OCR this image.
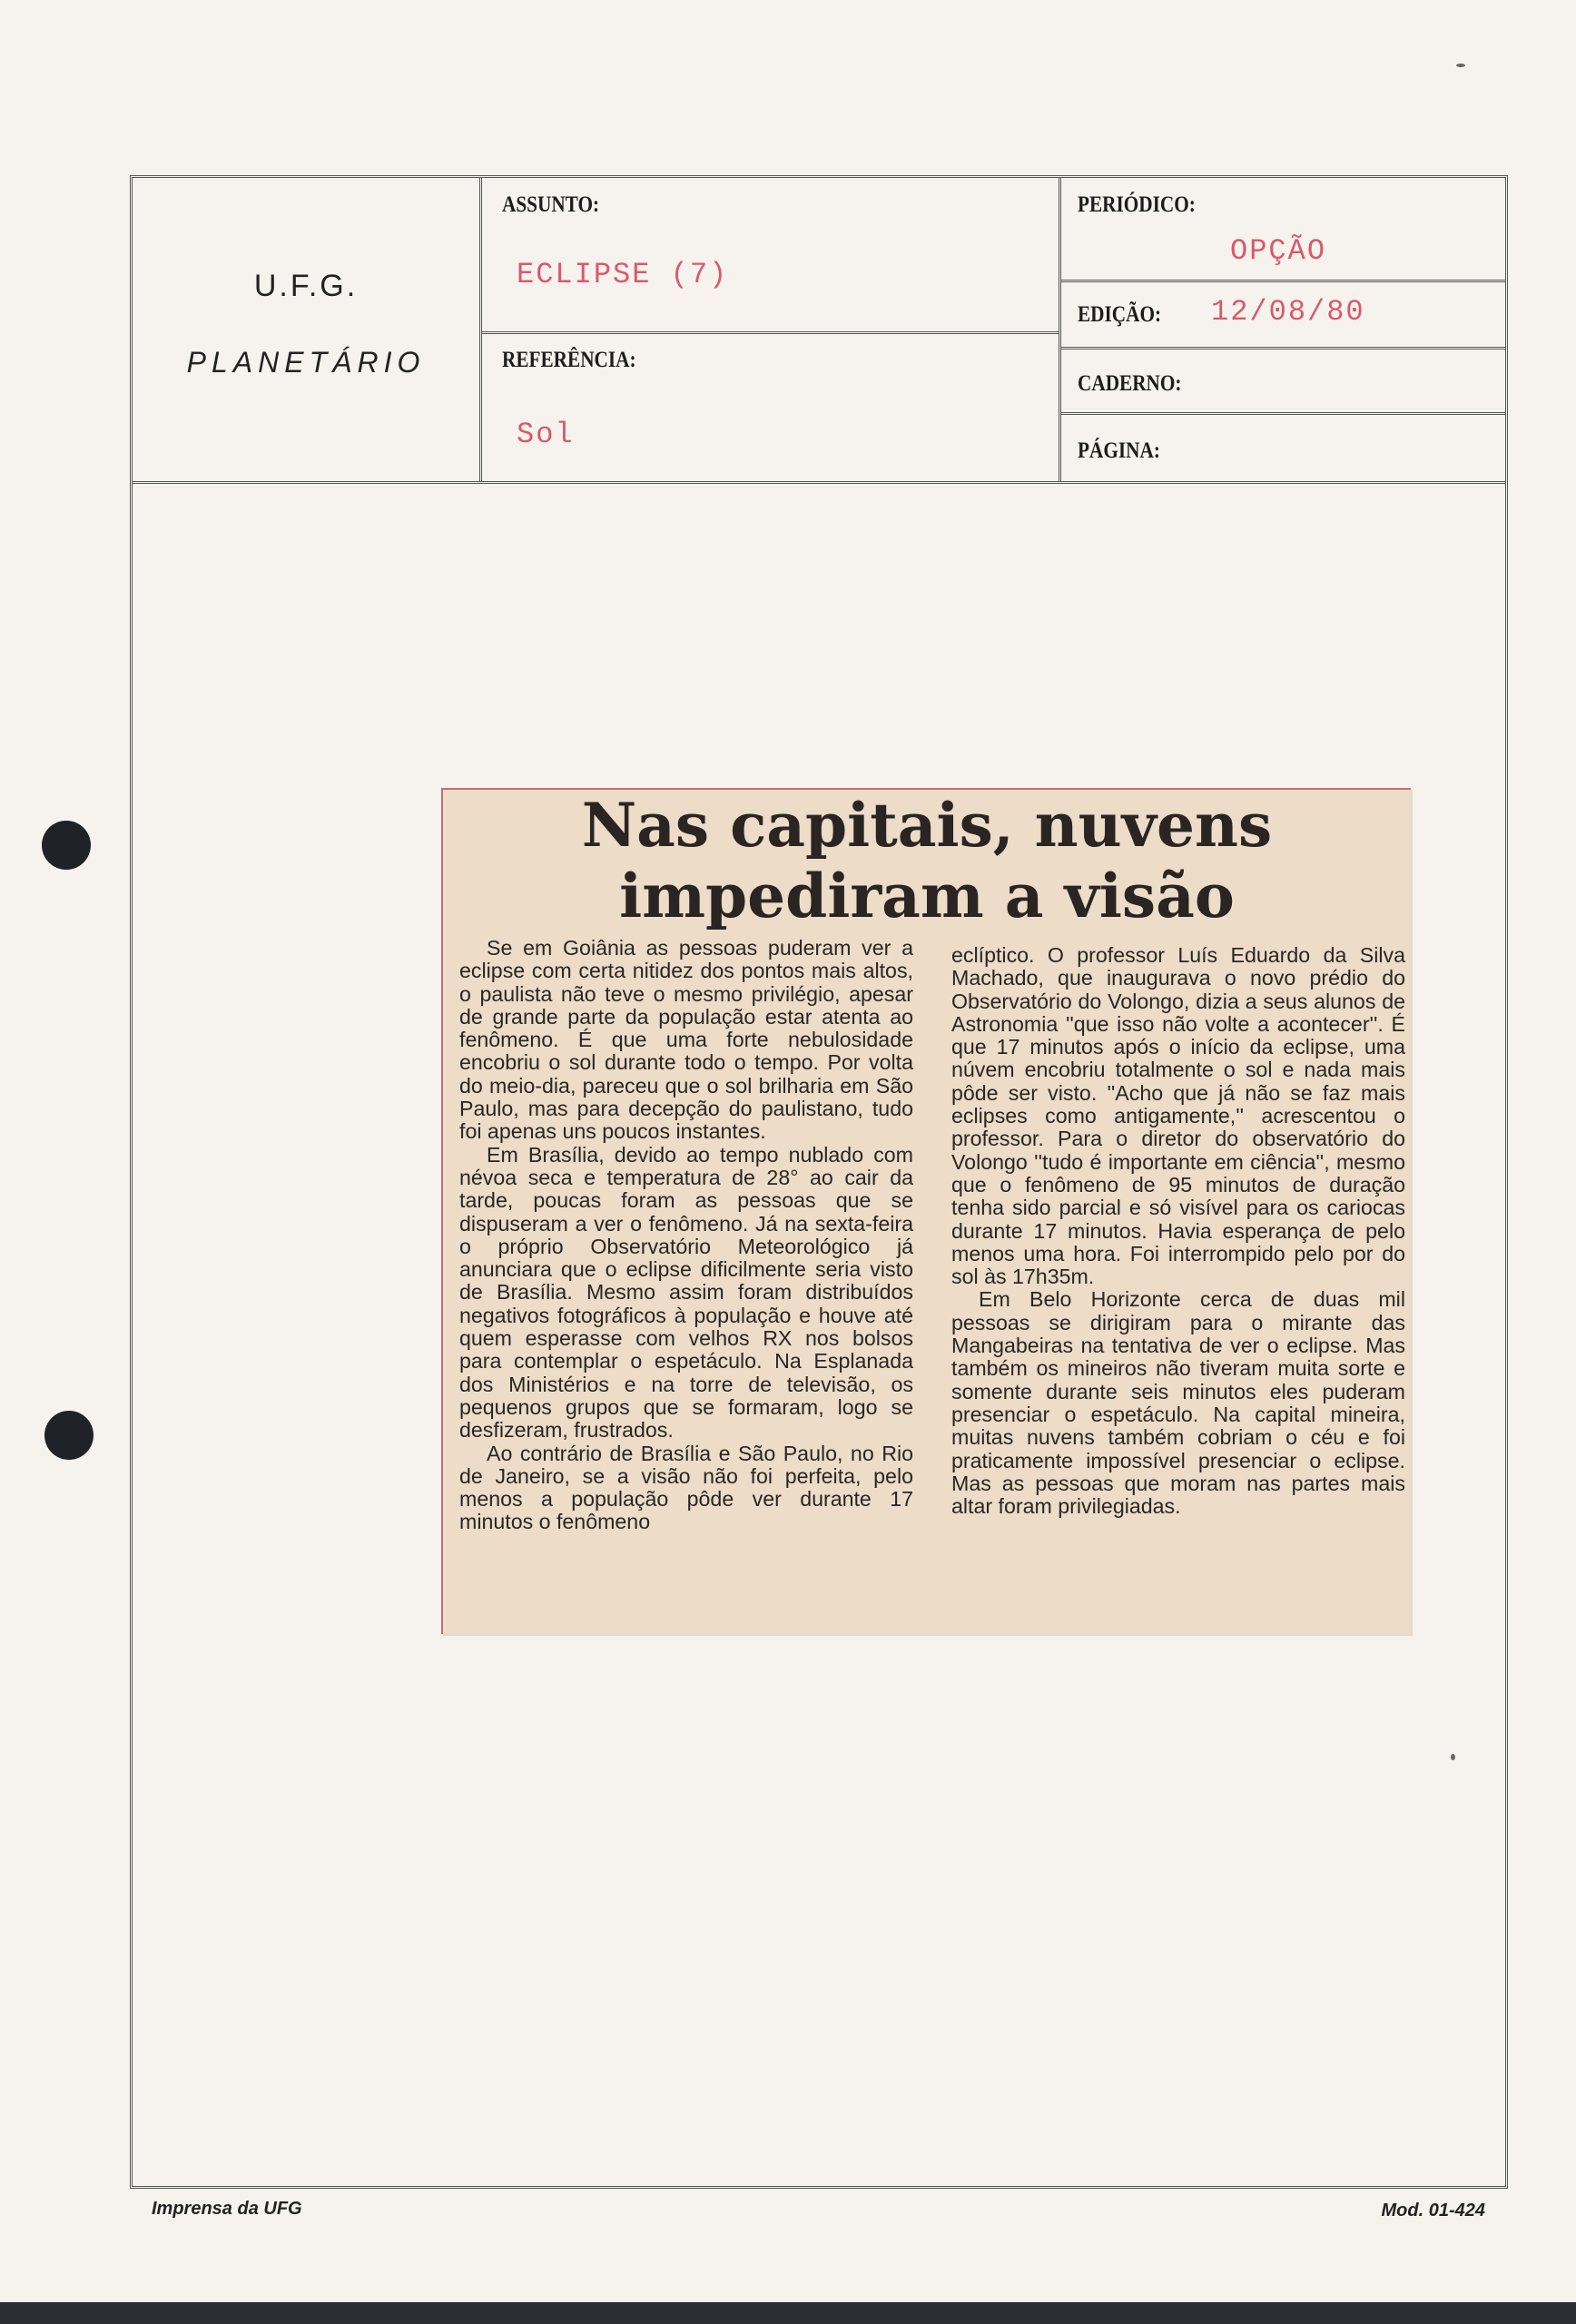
U.F.G.
PLANETÁRIO
ASSUNTO:
ECLIPSE (7)
REFERÊNCIA:
Sol
PERIÓDICO:
OPÇÃO
EDIÇÃO: 12/08/80
CADERNO:
PÁGINA:
Nas capitais, nuvens
impediram a visão

Se em Goiânia as pessoas puderam ver a eclipse com certa nitidez dos pontos mais altos, o paulista não teve o mesmo privilégio, apesar de grande parte da população estar atenta ao fenômeno. É que uma forte nebulosidade encobriu o sol durante todo o tempo. Por volta do meio-dia, pareceu que o sol brilharia em São Paulo, mas para decepção do paulistano, tudo foi apenas uns poucos instantes.

Em Brasília, devido ao tempo nublado com névoa seca e temperatura de 28° ao cair da tarde, poucas foram as pessoas que se dispuseram a ver o fenômeno. Já na sexta-feira o próprio Observatório Meteorológico já anunciara que o eclipse dificilmente seria visto de Brasília. Mesmo assim foram distribuídos negativos fotográficos à população e houve até quem esperasse com velhos RX nos bolsos para contemplar o espetáculo. Na Esplanada dos Ministérios e na torre de televisão, os pequenos grupos que se formaram, logo se desfizeram, frustrados.

Ao contrário de Brasília e São Paulo, no Rio de Janeiro, se a visão não foi perfeita, pelo menos a população pôde ver durante 17 minutos o fenômeno

eclíptico. O professor Luís Eduardo da Silva Machado, que inaugurava o novo prédio do Observatório do Volongo, dizia a seus alunos de Astronomia ''que isso não volte a acontecer''. É que 17 minutos após o início da eclipse, uma núvem encobriu totalmente o sol e nada mais pôde ser visto. ''Acho que já não se faz mais eclipses como antigamente,'' acrescentou o professor. Para o diretor do observatório do Volongo ''tudo é importante em ciência'', mesmo que o fenômeno de 95 minutos de duração tenha sido parcial e só visível para os cariocas durante 17 minutos. Havia esperança de pelo menos uma hora. Foi interrompido pelo por do sol às 17h35m.

Em Belo Horizonte cerca de duas mil pessoas se dirigiram para o mirante das Mangabeiras na tentativa de ver o eclipse. Mas também os mineiros não tiveram muita sorte e somente durante seis minutos eles puderam presenciar o espetáculo. Na capital mineira, muitas nuvens também cobriam o céu e foi praticamente impossível presenciar o eclipse. Mas as pessoas que moram nas partes mais altar foram privilegiadas.

Imprensa da UFG	Mod. 01-424
